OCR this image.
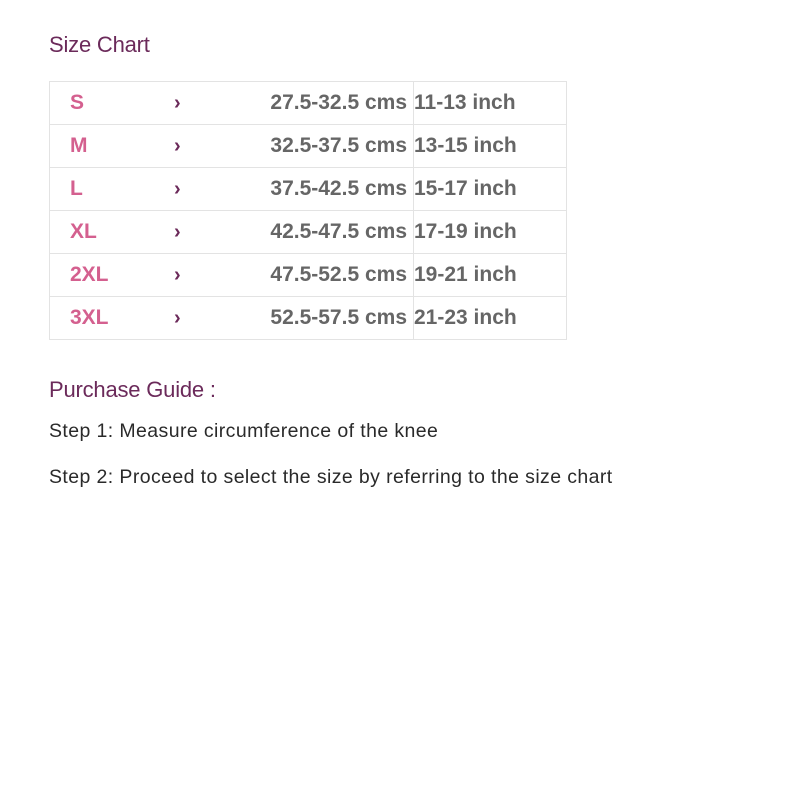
Size Chart
S › 27.5-32.5 cms	11-13 inch

M › 32.5-37.5 cms	13-15 inch

L › 37.5-42.5 cms	15-17 inch

XL › 42.5-47.5 cms	17-19 inch

2XL › 47.5-52.5 cms	19-21 inch

3XL › 52.5-57.5 cms	21-23 inch
Purchase Guide :

Step 1: Measure circumference of the knee

Step 2: Proceed to select the size by referring to the size chart
